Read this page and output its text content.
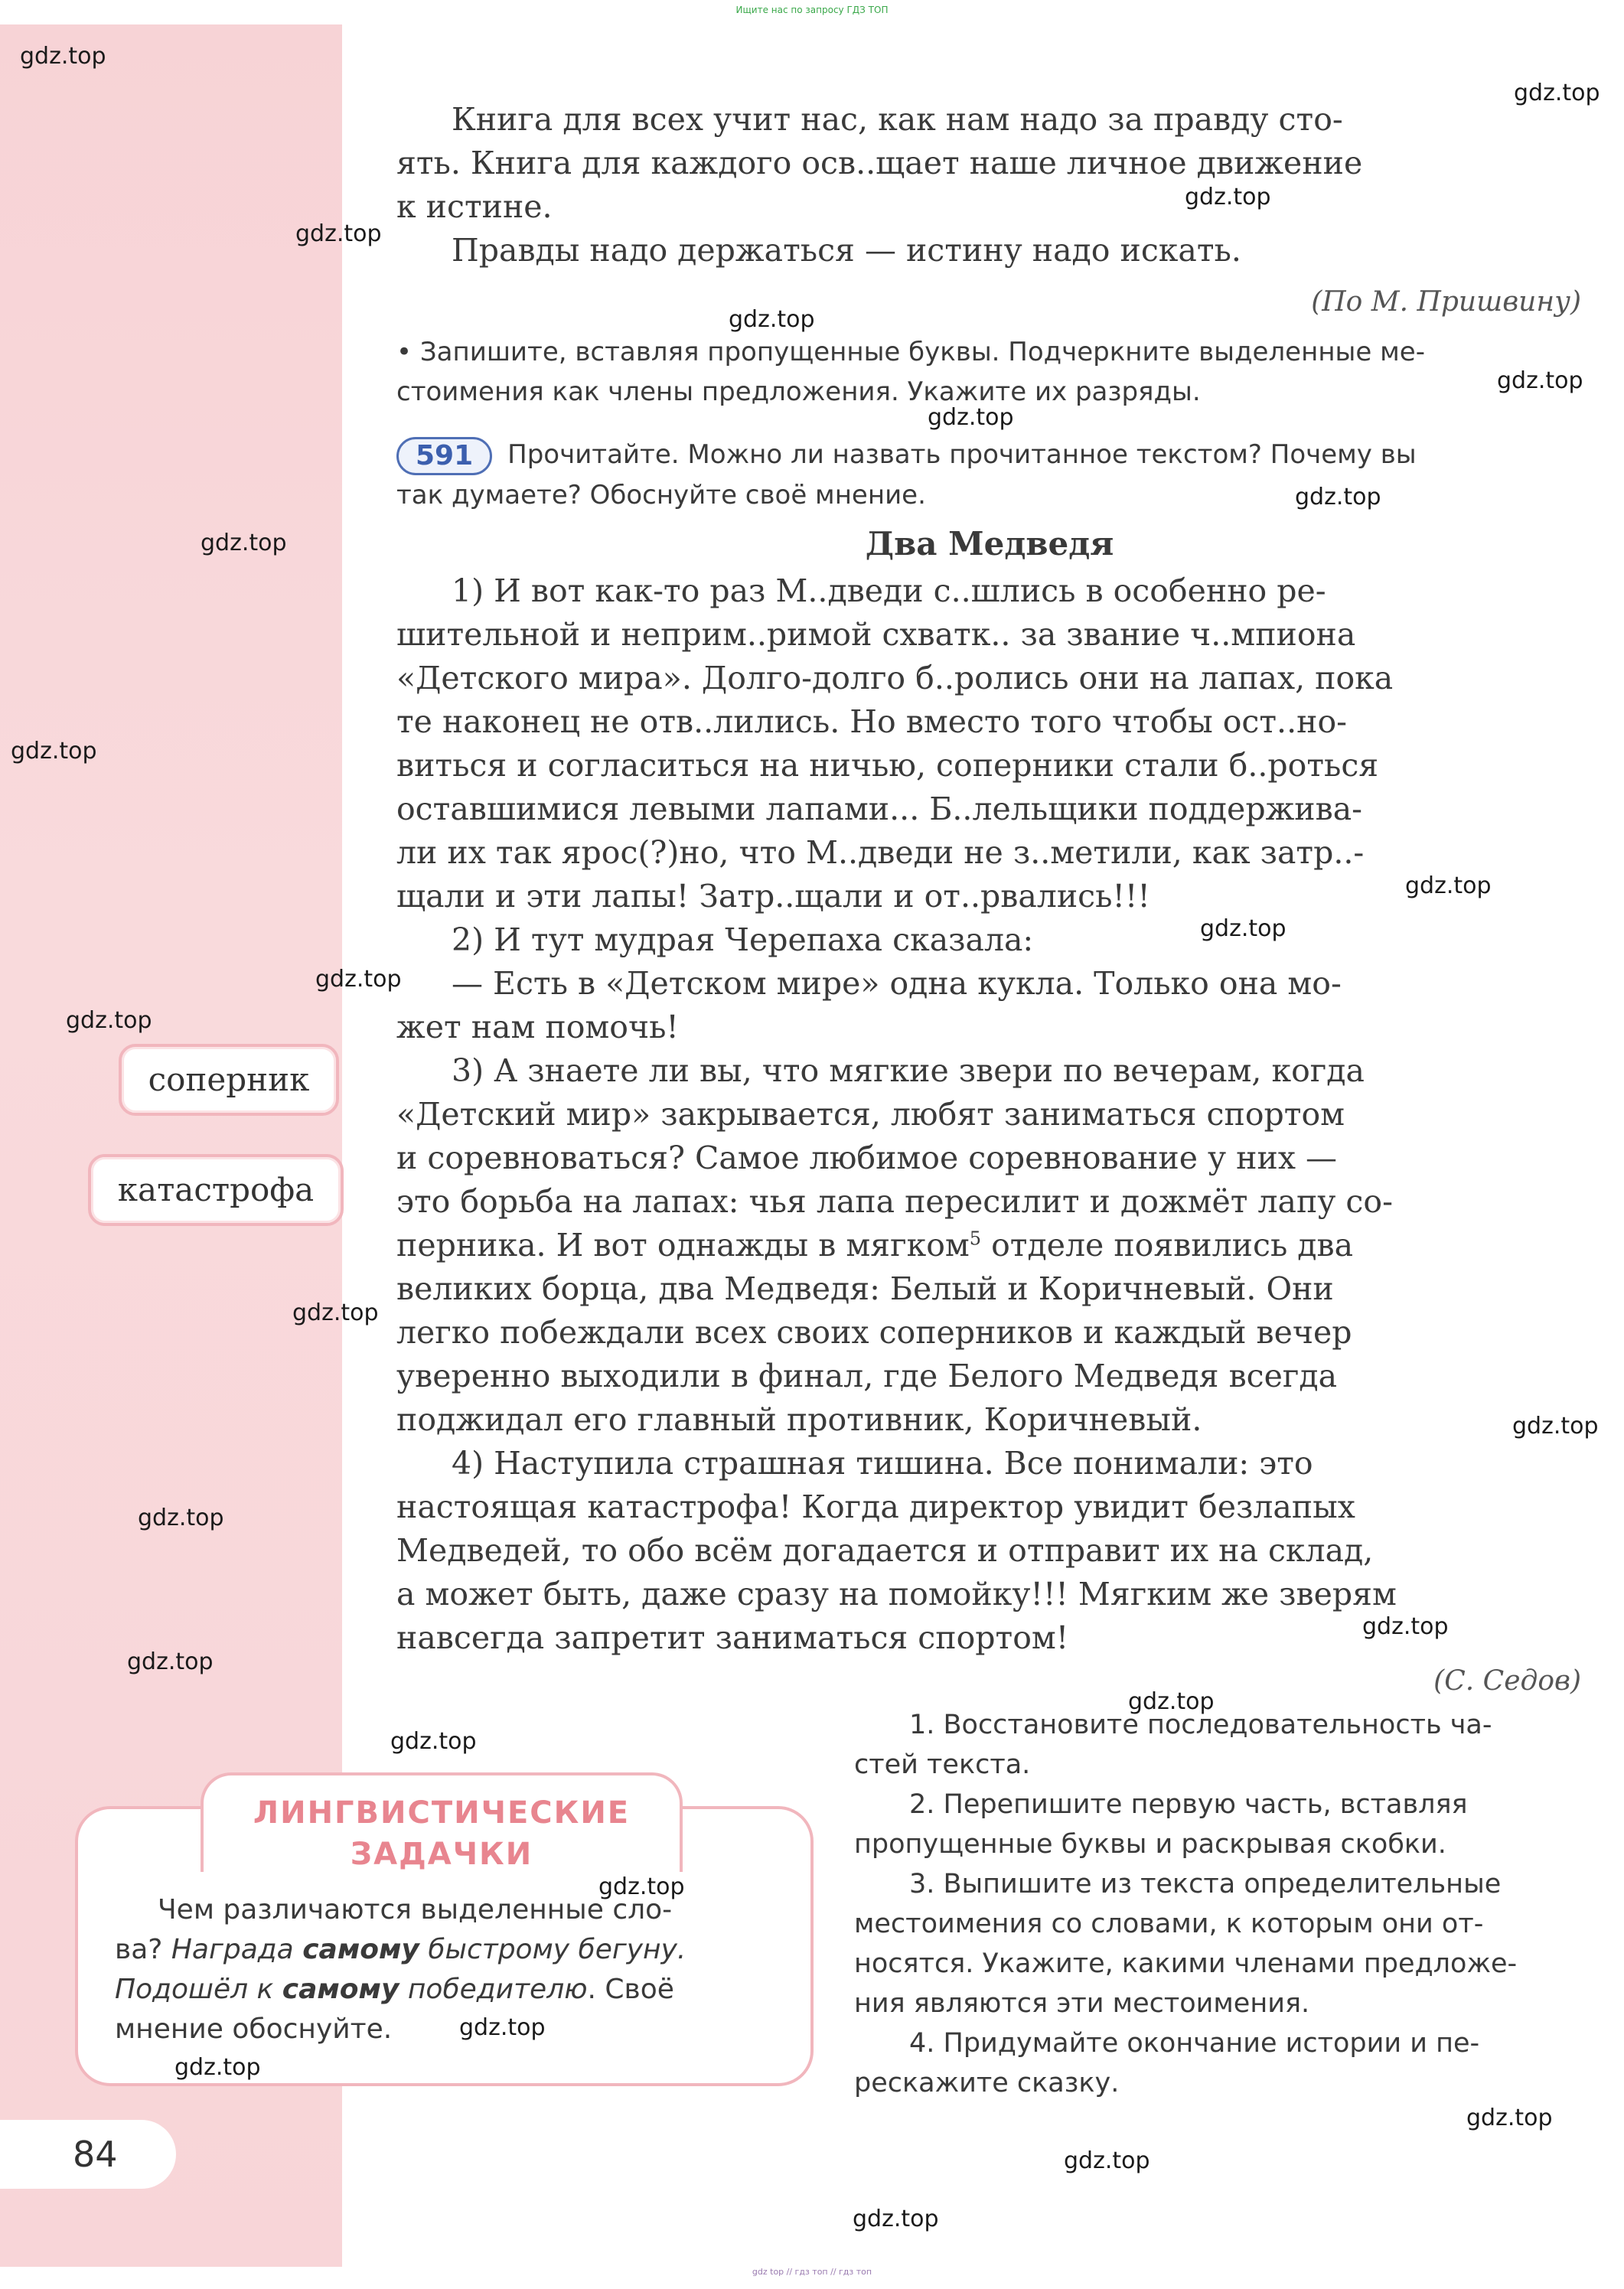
Ищите нас по запросу ГДЗ ТОП

Книга для всех учит нас, как нам надо за правду сто-

ять. Книга для каждого осв..щает наше личное движение

к истине.

Правды надо держаться — истину надо искать.

(По М. Пришвину)
• Запишите, вставляя пропущенные буквы. Подчеркните выделенные ме-
стоимения как члены предложения. Укажите их разряды.
591 Прочитайте. Можно ли назвать прочитанное текстом? Почему вы
так думаете? Обоснуйте своё мнение.
Два Медведя

1) И вот как-то раз М..дведи с..шлись в особенно ре-

шительной и неприм..римой схватк.. за звание ч..мпиона

«Детского мира». Долго-долго б..ролись они на лапах, пока

те наконец не отв..лились. Но вместо того чтобы ост..но-

виться и согласиться на ничью, соперники стали б..роться

оставшимися левыми лапами... Б..лельщики поддержива-

ли их так ярос(?)но, что М..дведи не з..метили, как затр..-

щали и эти лапы! Затр..щали и от..рвались!!!

2) И тут мудрая Черепаха сказала:

— Есть в «Детском мире» одна кукла. Только она мо-

жет нам помочь!

3) А знаете ли вы, что мягкие звери по вечерам, когда

«Детский мир» закрывается, любят заниматься спортом

и соревноваться? Самое любимое соревнование у них —

это борьба на лапах: чья лапа пересилит и дожмёт лапу со-

перника. И вот однажды в мягком$^5$ отделе появились два

великих борца, два Медведя: Белый и Коричневый. Они

легко побеждали всех своих соперников и каждый вечер

уверенно выходили в финал, где Белого Медведя всегда

поджидал его главный противник, Коричневый.

4) Наступила страшная тишина. Все понимали: это

настоящая катастрофа! Когда директор увидит безлапых

Медведей, то обо всём догадается и отправит их на склад,

а может быть, даже сразу на помойку!!! Мягким же зверям

навсегда запретит заниматься спортом!

(С. Седов)
соперник
катастрофа
ЛИНГВИСТИЧЕСКИЕ
ЗАДАЧКИ
Чем различаются выделенные сло-
ва? Награда самому быстрому бегуну.
Подошёл к самому победителю. Своё
мнение обоснуйте.

1. Восстановите последовательность ча-

стей текста.

2. Перепишите первую часть, вставляя

пропущенные буквы и раскрывая скобки.

3. Выпишите из текста определительные

местоимения со словами, к которым они от-

носятся. Укажите, какими членами предложе-

ния являются эти местоимения.

4. Придумайте окончание истории и пе-

рескажите сказку.

84
gdz top // гдз топ // гдз топ
gdz.top
gdz.top
gdz.top
gdz.top
gdz.top
gdz.top
gdz.top
gdz.top
gdz.top
gdz.top
gdz.top
gdz.top
gdz.top
gdz.top
gdz.top
gdz.top
gdz.top
gdz.top
gdz.top
gdz.top
gdz.top
gdz.top
gdz.top
gdz.top
gdz.top
gdz.top
gdz.top
